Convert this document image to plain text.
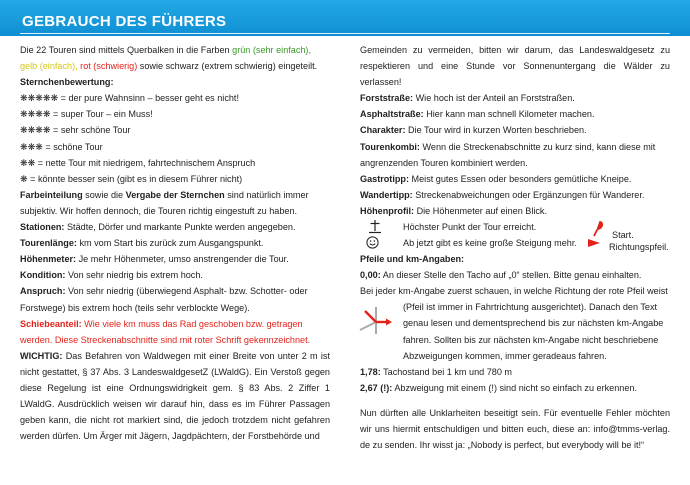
GEBRAUCH DES FÜHRERS

Die 22 Touren sind mittels Querbalken in die Farben grün (sehr einfach),
gelb (einfach), rot (schwierig) sowie schwarz (extrem schwierig) eingeteilt.

Sternchenbewertung:

❋❋❋❋❋ = der pure Wahnsinn – besser geht es nicht!

❋❋❋❋ = super Tour – ein Muss!

❋❋❋❋ = sehr schöne Tour

❋❋❋ = schöne Tour

❋❋ = nette Tour mit niedrigem, fahrtechnischem Anspruch

❋ = könnte besser sein (gibt es in diesem Führer nicht)

Farbeinteilung sowie die Vergabe der Sternchen sind natürlich immer subjektiv. Wir hoffen dennoch, die Touren richtig eingestuft zu haben.

Stationen: Städte, Dörfer und markante Punkte werden angegeben.

Tourenlänge: km vom Start bis zurück zum Ausgangspunkt.

Höhenmeter: Je mehr Höhenmeter, umso anstrengender die Tour.

Kondition: Von sehr niedrig bis extrem hoch.

Anspruch: Von sehr niedrig (überwiegend Asphalt- bzw. Schotter- oder Forstwege) bis extrem hoch (teils sehr verblockte Wege).

Schiebeanteil: Wie viele km muss das Rad geschoben bzw. getragen werden. Diese Streckenabschnitte sind mit roter Schrift gekennzeichnet.

WICHTIG: Das Befahren von Waldwegen mit einer Breite von unter 2 m ist nicht gestattet, § 37 Abs. 3 LandeswaldgesetZ (LWaldG). Ein Verstoß gegen diese Regelung ist eine Ordnungswidrigkeit gem. § 83 Abs. 2 Ziffer 1 LWaldG. Ausdrücklich weisen wir darauf hin, dass es im Führer Passagen geben kann, die nicht rot markiert sind, die jedoch trotzdem nicht gefahren werden dürfen. Um Ärger mit Jägern, Jagdpächtern, der Forstbehörde und

Gemeinden zu vermeiden, bitten wir darum, das Landeswaldgesetz zu respektieren und eine Stunde vor Sonnenuntergang die Wälder zu verlassen!

Forststraße: Wie hoch ist der Anteil an Forststraßen.

Asphaltstraße: Hier kann man schnell Kilometer machen.

Charakter: Die Tour wird in kurzen Worten beschrieben.

Tourenkombi: Wenn die Streckenabschnitte zu kurz sind, kann diese mit angrenzenden Touren kombiniert werden.

Gastrotipp: Meist gutes Essen oder besonders gemütliche Kneipe.

Wandertipp: Streckenabweichungen oder Ergänzungen für Wanderer.

Höhenprofil: Die Höhenmeter auf einen Blick.

Höchster Punkt der Tour erreicht.
Ab jetzt gibt es keine große Steigung mehr.
Start.
Richtungspfeil.

Pfeile und km-Angaben:

0,00: An dieser Stelle den Tacho auf „0“ stellen. Bitte genau einhalten.

Bei jeder km-Angabe zuerst schauen, in welche Richtung der rote Pfeil weist

(Pfeil ist immer in Fahrtrichtung ausgerichtet). Danach den Text

genau lesen und dementsprechend bis zur nächsten km-Angabe

fahren. Sollten bis zur nächsten km-Angabe nicht beschriebene

Abzweigungen kommen, immer geradeaus fahren.

1,78: Tachostand bei 1 km und 780 m

2,67 (!): Abzweigung mit einem (!) sind nicht so einfach zu erkennen.

Nun dürften alle Unklarheiten beseitigt sein. Für eventuelle Fehler möchten wir uns hiermit entschuldigen und bitten euch, diese an: info@tmms-verlag. de zu senden. Ihr wisst ja: „Nobody is perfect, but everybody will be it!“
